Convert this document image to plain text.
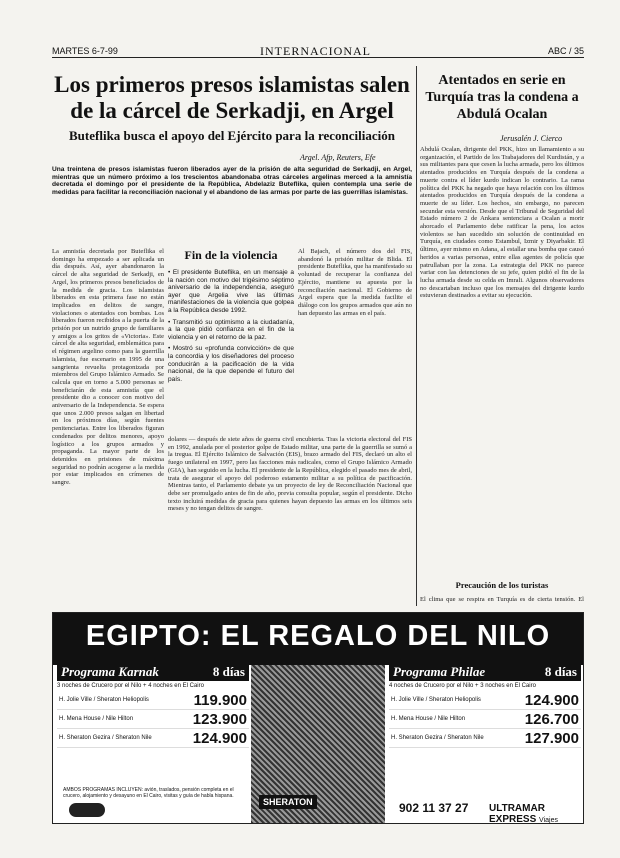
MARTES 6-7-99	INTERNACIONAL	ABC / 35
Los primeros presos islamistas salen de la cárcel de Serkadji, en Argel
Buteflika busca el apoyo del Ejército para la reconciliación
Argel. Afp, Reuters, Efe
Una treintena de presos islamistas fueron liberados ayer de la prisión de alta seguridad de Serkadji, en Argel, mientras que un número próximo a los trescientos abandonaba otras cárceles argelinas merced a la amnistía decretada el domingo por el presidente de la República, Abdelaziz Buteflika, quien contempla una serie de medidas para facilitar la reconciliación nacional y el abandono de las armas por parte de las guerrillas islamistas.
La amnistía decretada por Buteflika el domingo ha empezado a ser aplicada un día después. Así, ayer abandonaron la cárcel de alta seguridad de Serkadji, en Argel, los primeros presos beneficiados de la medida de gracia. Los islamistas liberados en esta primera fase no están implicados en delitos de sangre, violaciones o atentados con bombas. Los liberados fueron recibidos a la puerta de la prisión por un nutrido grupo de familiares y amigos a los gritos de «Victoria». Este cárcel de alta seguridad, emblemática para el régimen argelino como para la guerrilla islamista, fue escenario en 1995 de una sangrienta revuelta protagonizada por miembros del Grupo Islámico Armado. Se calcula que en torno a 5.000 personas se beneficiarán de esta amnistía que el presidente dio a conocer con motivo del aniversario de la Independencia. Se espera que unos 2.000 presos salgan en libertad en los próximos días, según fuentes penitenciarias. Entre los liberados figuran condenados por delitos menores, apoyo logístico a los grupos armados y propaganda. La mayor parte de los detenidos en prisiones de máxima seguridad no podrán acogerse a la medida por estar implicados en crímenes de sangre.
Fin de la violencia

• El presidente Buteflika, en un mensaje a la nación con motivo del trigésimo séptimo aniversario de la independencia, aseguró ayer que Argelia vive las últimas manifestaciones de la violencia que golpea a la República desde 1992.

• Transmitió su optimismo a la ciudadanía, a la que pidió confianza en el fin de la violencia y en el retorno de la paz.

• Mostró su «profunda convicción» de que la concordia y los diseñadores del proceso conducirán a la pacificación de la vida nacional, de la que depende el futuro del país.

dolares — después de siete años de guerra civil encubierta. Tras la victoria electoral del FIS en 1992, anulada por el posterior golpe de Estado militar, una parte de la guerrilla se sumó a la tregua. El Ejército Islámico de Salvación (EIS), brazo armado del FIS, declaró un alto el fuego unilateral en 1997, pero las facciones más radicales, como el Grupo Islámico Armado (GIA), han seguido en la lucha. El presidente de la República, elegido el pasado mes de abril, trata de asegurar el apoyo del poderoso estamento militar a su política de pacificación. Mientras tanto, el Parlamento debate ya un proyecto de ley de Reconciliación Nacional que debe ser promulgado antes de fin de año, previa consulta popular, según el presidente. Dicho texto incluirá medidas de gracia para quienes hayan depuesto las armas en los últimos seis meses y no tengan delitos de sangre.
Al Bajach, el número dos del FIS, abandonó la prisión militar de Blida. El presidente Buteflika, que ha manifestado su voluntad de recuperar la confianza del Ejército, mantiene su apuesta por la reconciliación nacional. El Gobierno de Argel espera que la medida facilite el diálogo con los grupos armados que aún no han depuesto las armas en el país.
Atentados en serie en Turquía tras la condena a Abdulá Ocalan
Jerusalén J. Cierco
Abdulá Ocalan, dirigente del PKK, hizo un llamamiento a su organización, el Partido de los Trabajadores del Kurdistán, y a sus militantes para que cesen la lucha armada, pero los últimos atentados producidos en Turquía después de la condena a muerte contra el líder kurdo indican lo contrario. La rama política del PKK ha negado que haya relación con los últimos atentados producidos en Turquía después de la condena a muerte de su líder. Los hechos, sin embargo, no parecen secundar esta versión. Desde que el Tribunal de Seguridad del Estado número 2 de Ankara sentenciara a Ocalan a morir ahorcado el Parlamento debe ratificar la pena, los actos violentos se han sucedido sin solución de continuidad en Turquía, en ciudades como Estambul, Izmir y Diyarbakir. El último, ayer mismo en Adana, al estallar una bomba que causó heridos a varias personas, entre ellas agentes de policía que patrullaban por la zona. La estrategia del PKK no parece variar con las detenciones de su jefe, quien pidió el fin de la lucha armada desde su celda en Imrali. Algunos observadores no descartaban incluso que los mensajes del dirigente kurdo estuvieran destinados a evitar su ejecución.
Precaución de los turistas
El clima que se respira en Turquía es de cierta tensión. El
EGIPTO: EL REGALO DEL NILO
Programa Karnak	8 días
3 noches de Crucero por el Nilo + 4 noches en El Cairo
H. Jolie Ville / Sheraton Heliopolis	119.900
H. Mena House / Nile Hilton	123.900
H. Sheraton Gezira / Sheraton Nile	124.900
SHERATON
Programa Philae	8 días
4 noches de Crucero por el Nilo + 3 noches en El Cairo
H. Jolie Ville / Sheraton Heliopolis	124.900
H. Mena House / Nile Hilton	126.700
H. Sheraton Gezira / Sheraton Nile	127.900
AMBOS PROGRAMAS INCLUYEN: avión, traslados, pensión completa en el crucero, alojamiento y desayuno en El Cairo, visitas y guía de habla hispana.
902 11 37 27 ULTRAMAR EXPRESS Viajes
